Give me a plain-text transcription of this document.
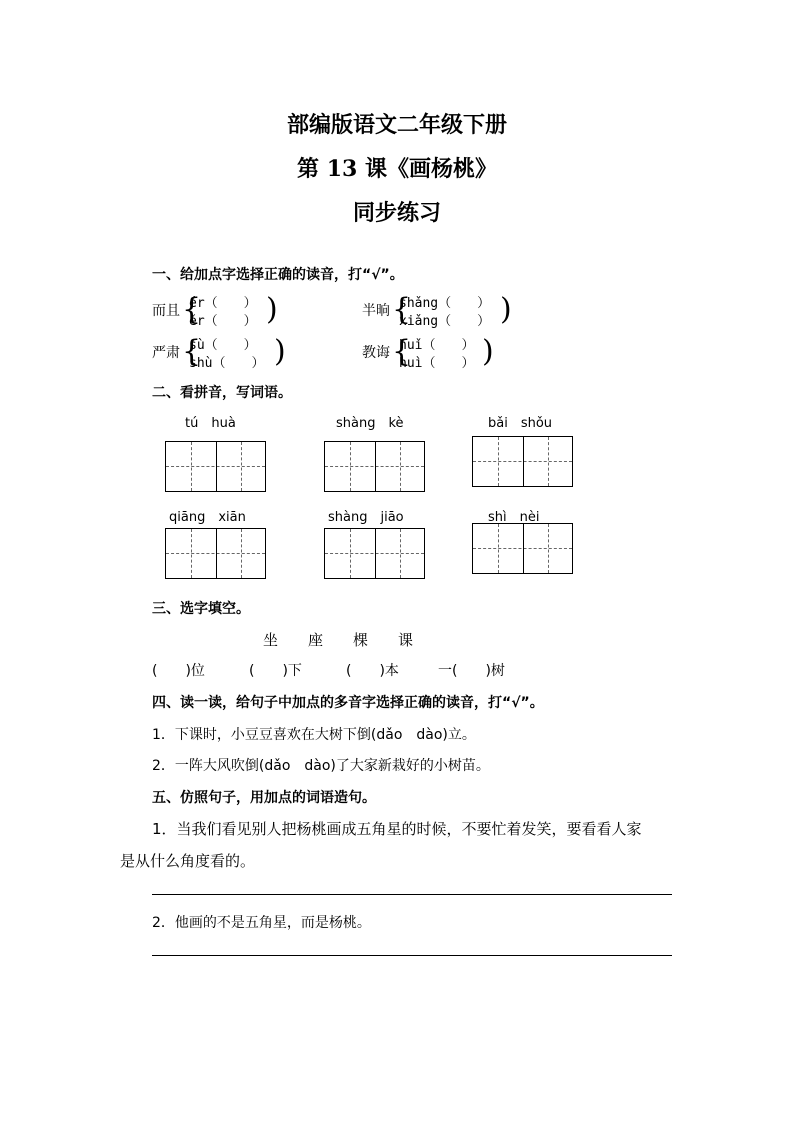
部编版语文二年级下册
第 13 课《画杨桃》
同步练习
一、给加点字选择正确的读音，打“√”。
而且 {
ér（　　）
ěr（　　） )	半晌 {
shǎng（　　）
xiǎng（　　） )
严肃 {
sù（　　）
shù（　　） )	教诲 {
huǐ（　　）
huì（　　） )
二、看拼音，写词语。
tú　huà	shàng　kè	bǎi　shǒu
qiāng　xiān	shàng　jiāo	shì　nèi
三、选字填空。
坐　　座　　棵　　课
(　　)位	(　　)下	(　　)本	一(　　)树
四、读一读，给句子中加点的多音字选择正确的读音，打“√”。
1．下课时，小豆豆喜欢在大树下倒(dǎo　dào)立。
2．一阵大风吹倒(dǎo　dào)了大家新栽好的小树苗。
五、仿照句子，用加点的词语造句。
1．当我们看见别人把杨桃画成五角星的时候，不要忙着发笑，要看看人家
是从什么角度看的。
2．他画的不是五角星，而是杨桃。
